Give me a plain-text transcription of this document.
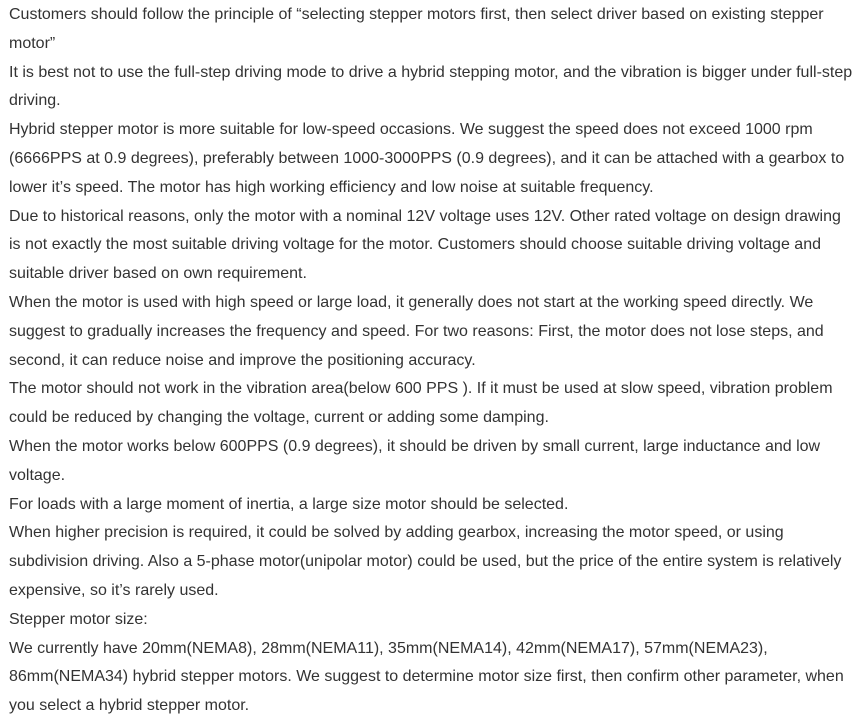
Customers should follow the principle of “selecting stepper motors first, then select driver based on existing stepper motor”

It is best not to use the full-step driving mode to drive a hybrid stepping motor, and the vibration is bigger under full-step driving.

Hybrid stepper motor is more suitable for low-speed occasions. We suggest the speed does not exceed 1000 rpm (6666PPS at 0.9 degrees), preferably between 1000-3000PPS (0.9 degrees), and it can be attached with a gearbox to lower it’s speed. The motor has high working efficiency and low noise at suitable frequency.

Due to historical reasons, only the motor with a nominal 12V voltage uses 12V. Other rated voltage on design drawing is not exactly the most suitable driving voltage for the motor. Customers should choose suitable driving voltage and suitable driver based on own requirement.

When the motor is used with high speed or large load, it generally does not start at the working speed directly. We suggest to gradually increases the frequency and speed. For two reasons: First, the motor does not lose steps, and second, it can reduce noise and improve the positioning accuracy.

The motor should not work in the vibration area(below 600 PPS ). If it must be used at slow speed, vibration problem could be reduced by changing the voltage, current or adding some damping.

When the motor works below 600PPS (0.9 degrees), it should be driven by small current, large inductance and low voltage.

For loads with a large moment of inertia, a large size motor should be selected.

When higher precision is required, it could be solved by adding gearbox, increasing the motor speed, or using subdivision driving. Also a 5-phase motor(unipolar motor) could be used, but the price of the entire system is relatively expensive, so it’s rarely used.

Stepper motor size:

We currently have 20mm(NEMA8), 28mm(NEMA11), 35mm(NEMA14), 42mm(NEMA17), 57mm(NEMA23), 86mm(NEMA34) hybrid stepper motors. We suggest to determine motor size first, then confirm other parameter, when you select a hybrid stepper motor.
